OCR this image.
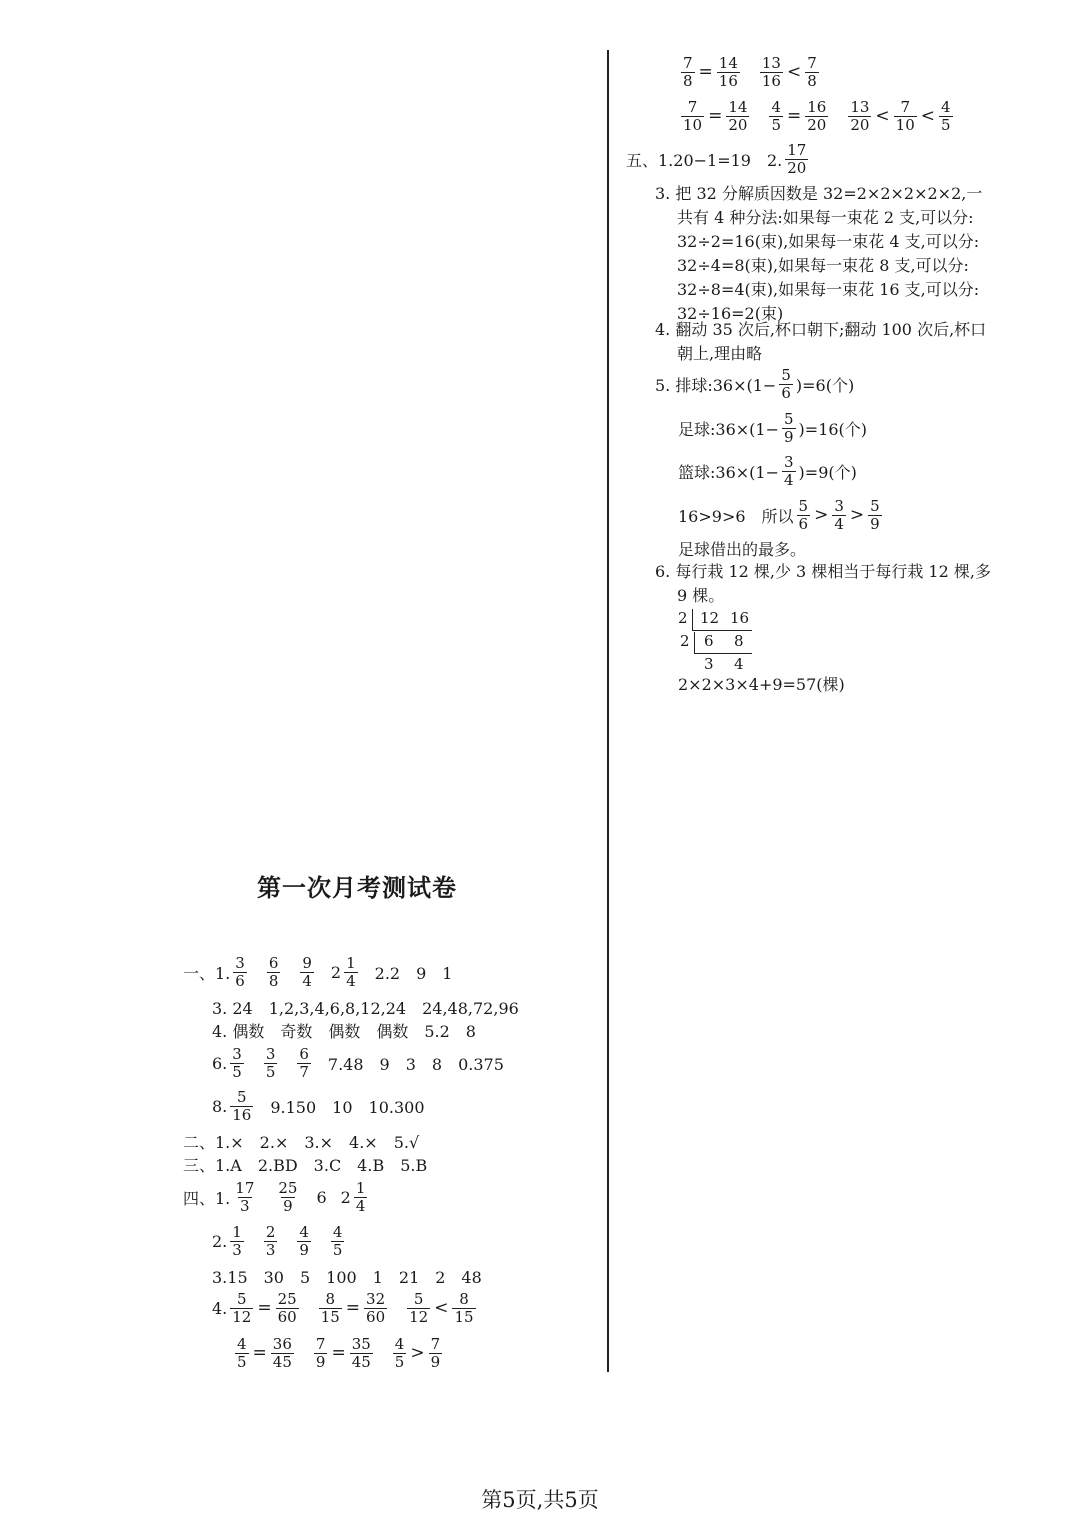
$\frac{7}{8} = \frac{14}{16} \frac{13}{16} < \frac{7}{8}$
$\frac{7}{10} = \frac{14}{20} \frac{4}{5} = \frac{16}{20} \frac{13}{20} < \frac{7}{10} < \frac{4}{5}$
五、1.20−1=19　2. $\frac{17}{20}$
3. 把 32 分解质因数是 32=2×2×2×2×2,一
共有 4 种分法:如果每一束花 2 支,可以分:
32÷2=16(束),如果每一束花 4 支,可以分:
32÷4=8(束),如果每一束花 8 支,可以分:
32÷8=4(束),如果每一束花 16 支,可以分:
32÷16=2(束)
4. 翻动 35 次后,杯口朝下;翻动 100 次后,杯口
朝上,理由略
5. 排球:36×(1− $\frac{5}{6} )=6$(个)
足球:36×(1− $\frac{5}{9} )=16$(个)
篮球:36×(1− $\frac{3}{4} )=9$(个)
16>9>6　所以 $\frac{5}{6} > \frac{3}{4} > \frac{5}{9}$
足球借出的最多。
6. 每行栽 12 棵,少 3 棵相当于每行栽 12 棵,多
9 棵。
2 12 16
2 6 8
3 4
2×2×3×4+9=57(棵)
第一次月考测试卷
一、1. $\frac{3}{6} \frac{6}{8} \frac{9}{4} 2 \frac{1}{4} 2.2$　9　1
3. 24　1,2,3,4,6,8,12,24　24,48,72,96
4. 偶数　奇数　偶数　偶数　5.2　8
6. $\frac{3}{5} \frac{3}{5} \frac{6}{7} 7.48$　9　3　8　0.375
8. $\frac{5}{16} 9.150$　10　10.300
二、1.×　2.×　3.×　4.×　5.√
三、1.A　2.BD　3.C　4.B　5.B
四、1. $\frac{17}{3} \frac{25}{9} 6$ $2 \frac{1}{4}$
2. $\frac{1}{3} \frac{2}{3} \frac{4}{9} \frac{4}{5}$
3.15　30　5　100　1　21　2　48
4. $\frac{5}{12} = \frac{25}{60} \frac{8}{15} = \frac{32}{60} \frac{5}{12} < \frac{8}{15}$
$\frac{4}{5} = \frac{36}{45} \frac{7}{9} = \frac{35}{45} \frac{4}{5} > \frac{7}{9}$
第5页,共5页
